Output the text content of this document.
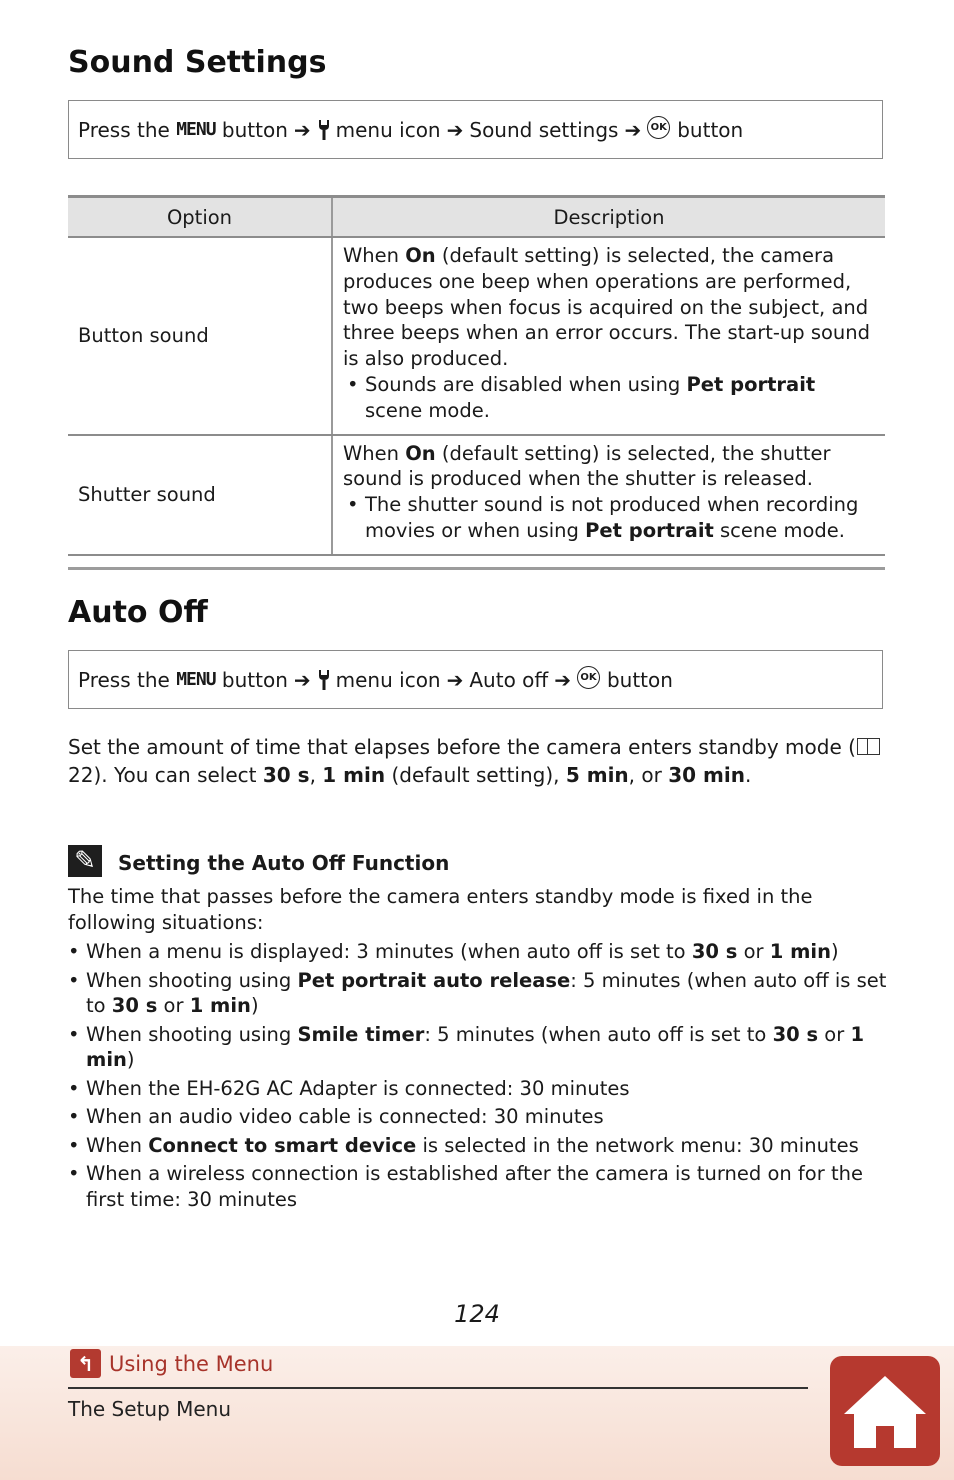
Sound Settings
Press the
MENU
button ➔ menu icon ➔ Sound settings ➔ OK button
Option	Description
Button sound	When On (default setting) is selected, the camera produces one beep when operations are performed, two beeps when focus is acquired on the subject, and three beeps when an error occurs. The start-up sound is also produced.
• Sounds are disabled when using Pet portrait scene mode.

Shutter sound	When On (default setting) is selected, the shutter sound is produced when the shutter is released.
• The shutter sound is not produced when recording movies or when using Pet portrait scene mode.
Auto Off
Press the
MENU
button ➔ menu icon ➔ Auto off ➔ OK button
Set the amount of time that elapses before the camera enters standby mode (22). You can select 30 s, 1 min (default setting), 5 min, or 30 min.
✎	Setting the Auto Off Function
The time that passes before the camera enters standby mode is fixed in the following situations:
• When a menu is displayed: 3 minutes (when auto off is set to 30 s or 1 min)
• When shooting using Pet portrait auto release: 5 minutes (when auto off is set to 30 s or 1 min)
• When shooting using Smile timer: 5 minutes (when auto off is set to 30 s or 1 min)
• When the EH-62G AC Adapter is connected: 30 minutes
• When an audio video cable is connected: 30 minutes
• When Connect to smart device is selected in the network menu: 30 minutes
• When a wireless connection is established after the camera is turned on for the first time: 30 minutes
124
↰ Using the Menu
The Setup Menu
